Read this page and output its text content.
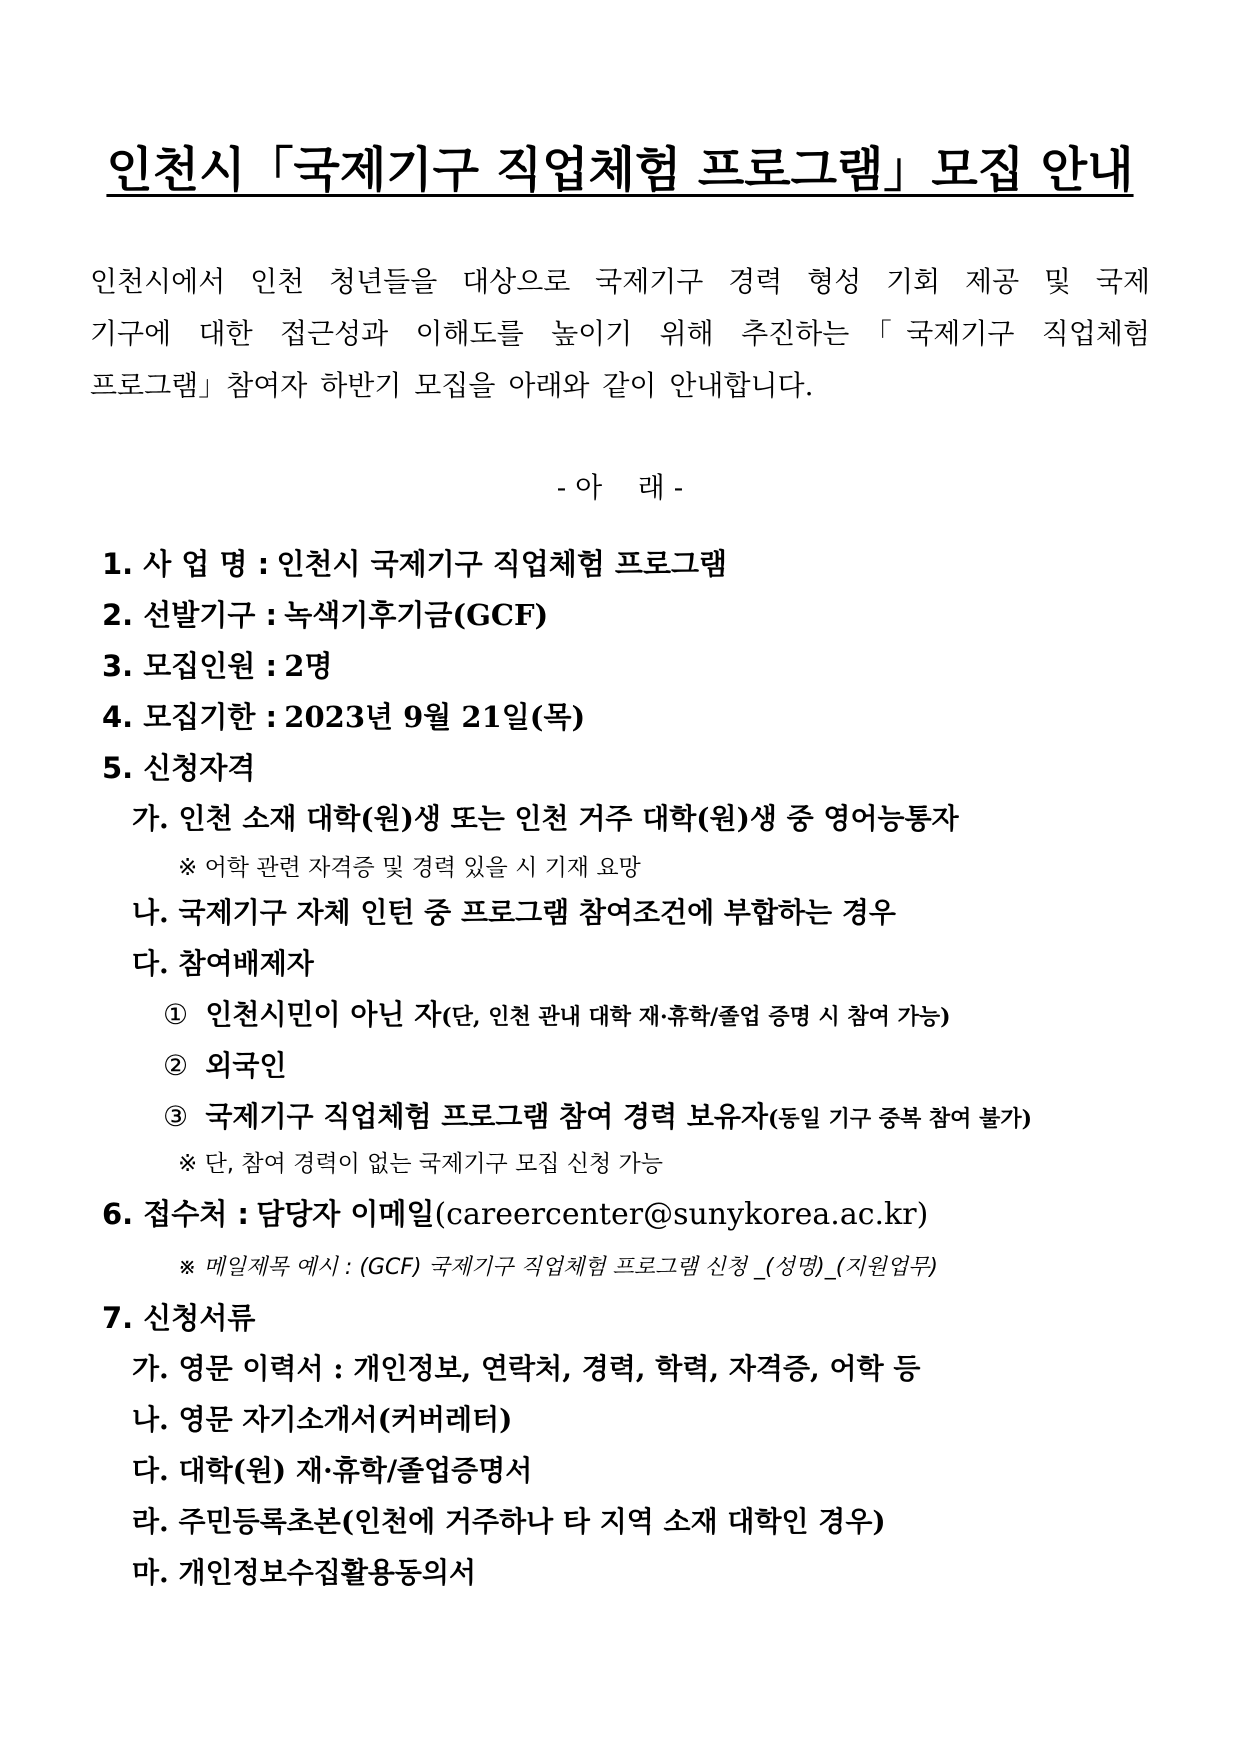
인천시「국제기구 직업체험 프로그램」모집 안내
인천시에서 인천 청년들을 대상으로 국제기구 경력 형성 기회 제공 및 국제
기구에 대한 접근성과 이해도를 높이기 위해 추진하는「국제기구 직업체험
프로그램」참여자 하반기 모집을 아래와 같이 안내합니다.
- 아    래 -
1. 사 업 명 : 인천시 국제기구 직업체험 프로그램
2. 선발기구 : 녹색기후기금(GCF)
3. 모집인원 : 2명
4. 모집기한 : 2023년 9월 21일(목)
5. 신청자격
가. 인천 소재 대학(원)생 또는 인천 거주 대학(원)생 중 영어능통자
※ 어학 관련 자격증 및 경력 있을 시 기재 요망
나. 국제기구 자체 인턴 중 프로그램 참여조건에 부합하는 경우
다. 참여배제자
① 인천시민이 아닌 자(단, 인천 관내 대학 재·휴학/졸업 증명 시 참여 가능)
② 외국인
③ 국제기구 직업체험 프로그램 참여 경력 보유자(동일 기구 중복 참여 불가)
※ 단, 참여 경력이 없는 국제기구 모집 신청 가능
6. 접수처 : 담당자 이메일(careercenter@sunykorea.ac.kr)
※ 메일제목 예시 : (GCF) 국제기구 직업체험 프로그램 신청 _(성명)_(지원업무)
7. 신청서류
가. 영문 이력서 : 개인정보, 연락처, 경력, 학력, 자격증, 어학 등
나. 영문 자기소개서(커버레터)
다. 대학(원) 재·휴학/졸업증명서
라. 주민등록초본(인천에 거주하나 타 지역 소재 대학인 경우)
마. 개인정보수집활용동의서
